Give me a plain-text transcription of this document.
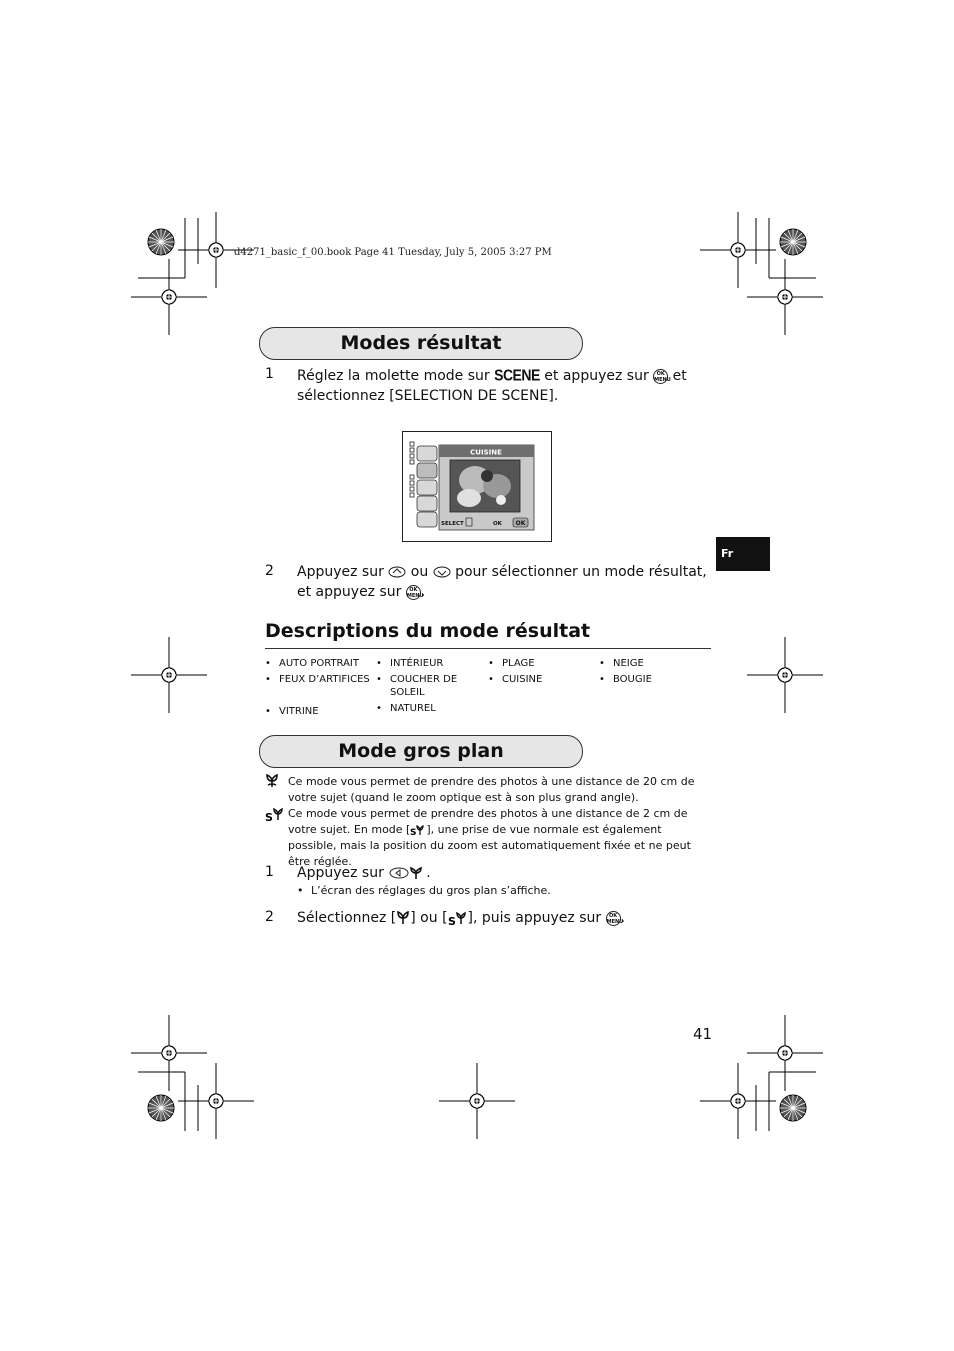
d4271_basic_f_00.book Page 41 Tuesday, July 5, 2005 3:27 PM
Modes résultat
1 Réglez la molette mode sur SCENE et appuyez sur OK
MENU et
sélectionnez [SELECTION DE SCENE].
CUISINE
SELECT	OK OK
Fr
2 Appuyez sur ou pour sélectionner un mode résultat,
et appuyez sur OK
MENU.
Descriptions du mode résultat
• AUTO PORTRAIT
• FEUX D’ARTIFICES
• VITRINE
• INTÉRIEUR
• COUCHER DE SOLEIL
• NATUREL
• PLAGE
• CUISINE
• NEIGE
• BOUGIE
Mode gros plan
Ce mode vous permet de prendre des photos à une distance de 20 cm de votre sujet (quand le zoom optique est à son plus grand angle).
S Ce mode vous permet de prendre des photos à une distance de 2 cm de votre sujet. En mode [ S ], une prise de vue normale est également possible, mais la position du zoom est automatiquement fixée et ne peut être réglée.
1 Appuyez sur	.
• L’écran des réglages du gros plan s’affiche.
2 Sélectionnez [ ] ou [ S ], puis appuyez sur OK
MENU.
41
